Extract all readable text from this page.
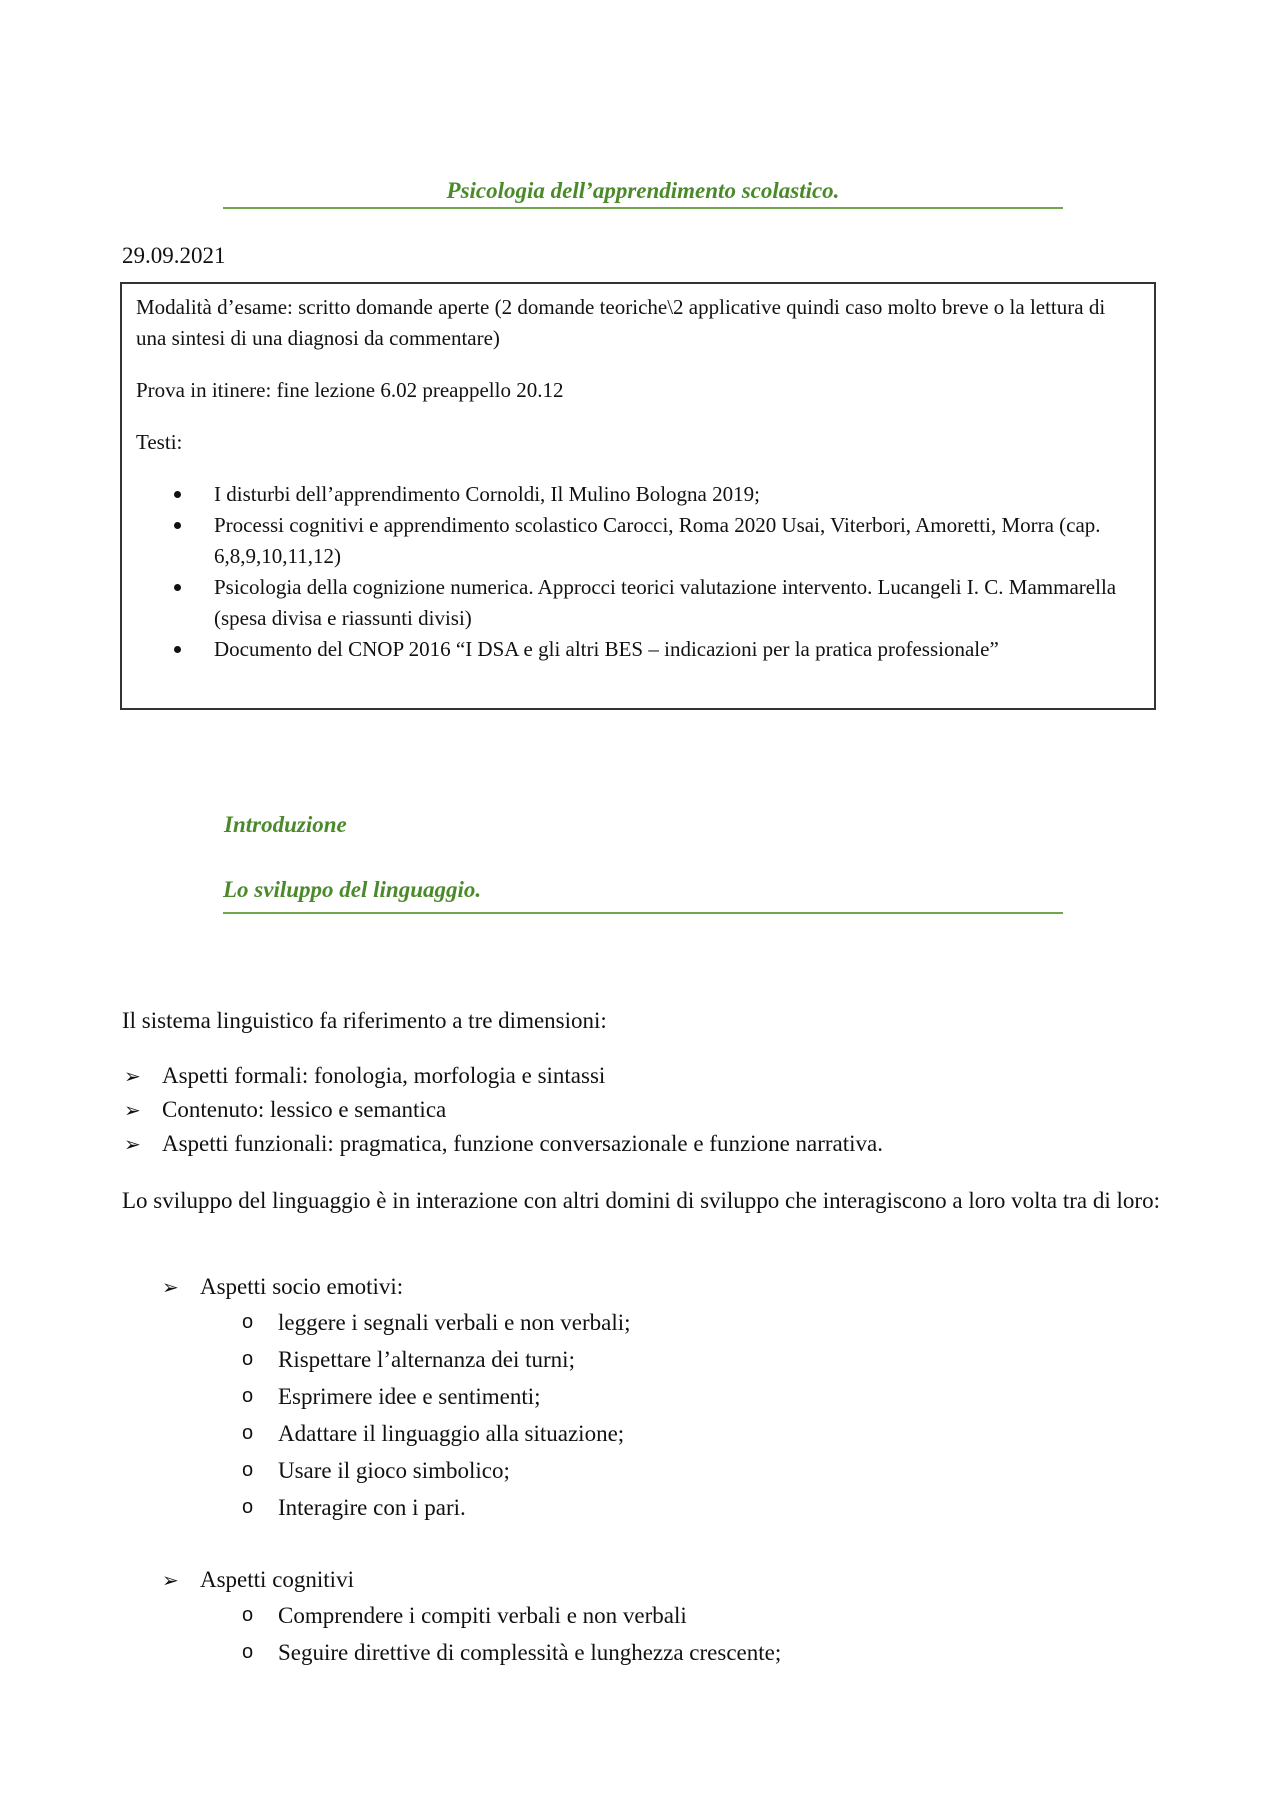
Psicologia dell’apprendimento scolastico.
29.09.2021

Modalità d’esame: scritto domande aperte (2 domande teoriche\2 applicative quindi caso molto breve o la lettura di una sintesi di una diagnosi da commentare)

Prova in itinere: fine lezione 6.02 preappello 20.12

Testi:

I disturbi dell’apprendimento Cornoldi, Il Mulino Bologna 2019;
Processi cognitivi e apprendimento scolastico Carocci, Roma 2020 Usai, Viterbori, Amoretti, Morra (cap. 6,8,9,10,11,12)
Psicologia della cognizione numerica. Approcci teorici valutazione intervento. Lucangeli I. C. Mammarella (spesa divisa e riassunti divisi)
Documento del CNOP 2016 “I DSA e gli altri BES – indicazioni per la pratica professionale”
Introduzione
Lo sviluppo del linguaggio.
Il sistema linguistico fa riferimento a tre dimensioni:
➢ Aspetti formali: fonologia, morfologia e sintassi
➢ Contenuto: lessico e semantica
➢ Aspetti funzionali: pragmatica, funzione conversazionale e funzione narrativa.
Lo sviluppo del linguaggio è in interazione con altri domini di sviluppo che interagiscono a loro volta tra di loro:
➢ Aspetti socio emotivi:
o leggere i segnali verbali e non verbali;
o Rispettare l’alternanza dei turni;
o Esprimere idee e sentimenti;
o Adattare il linguaggio alla situazione;
o Usare il gioco simbolico;
o Interagire con i pari.
➢ Aspetti cognitivi
o Comprendere i compiti verbali e non verbali
o Seguire direttive di complessità e lunghezza crescente;
